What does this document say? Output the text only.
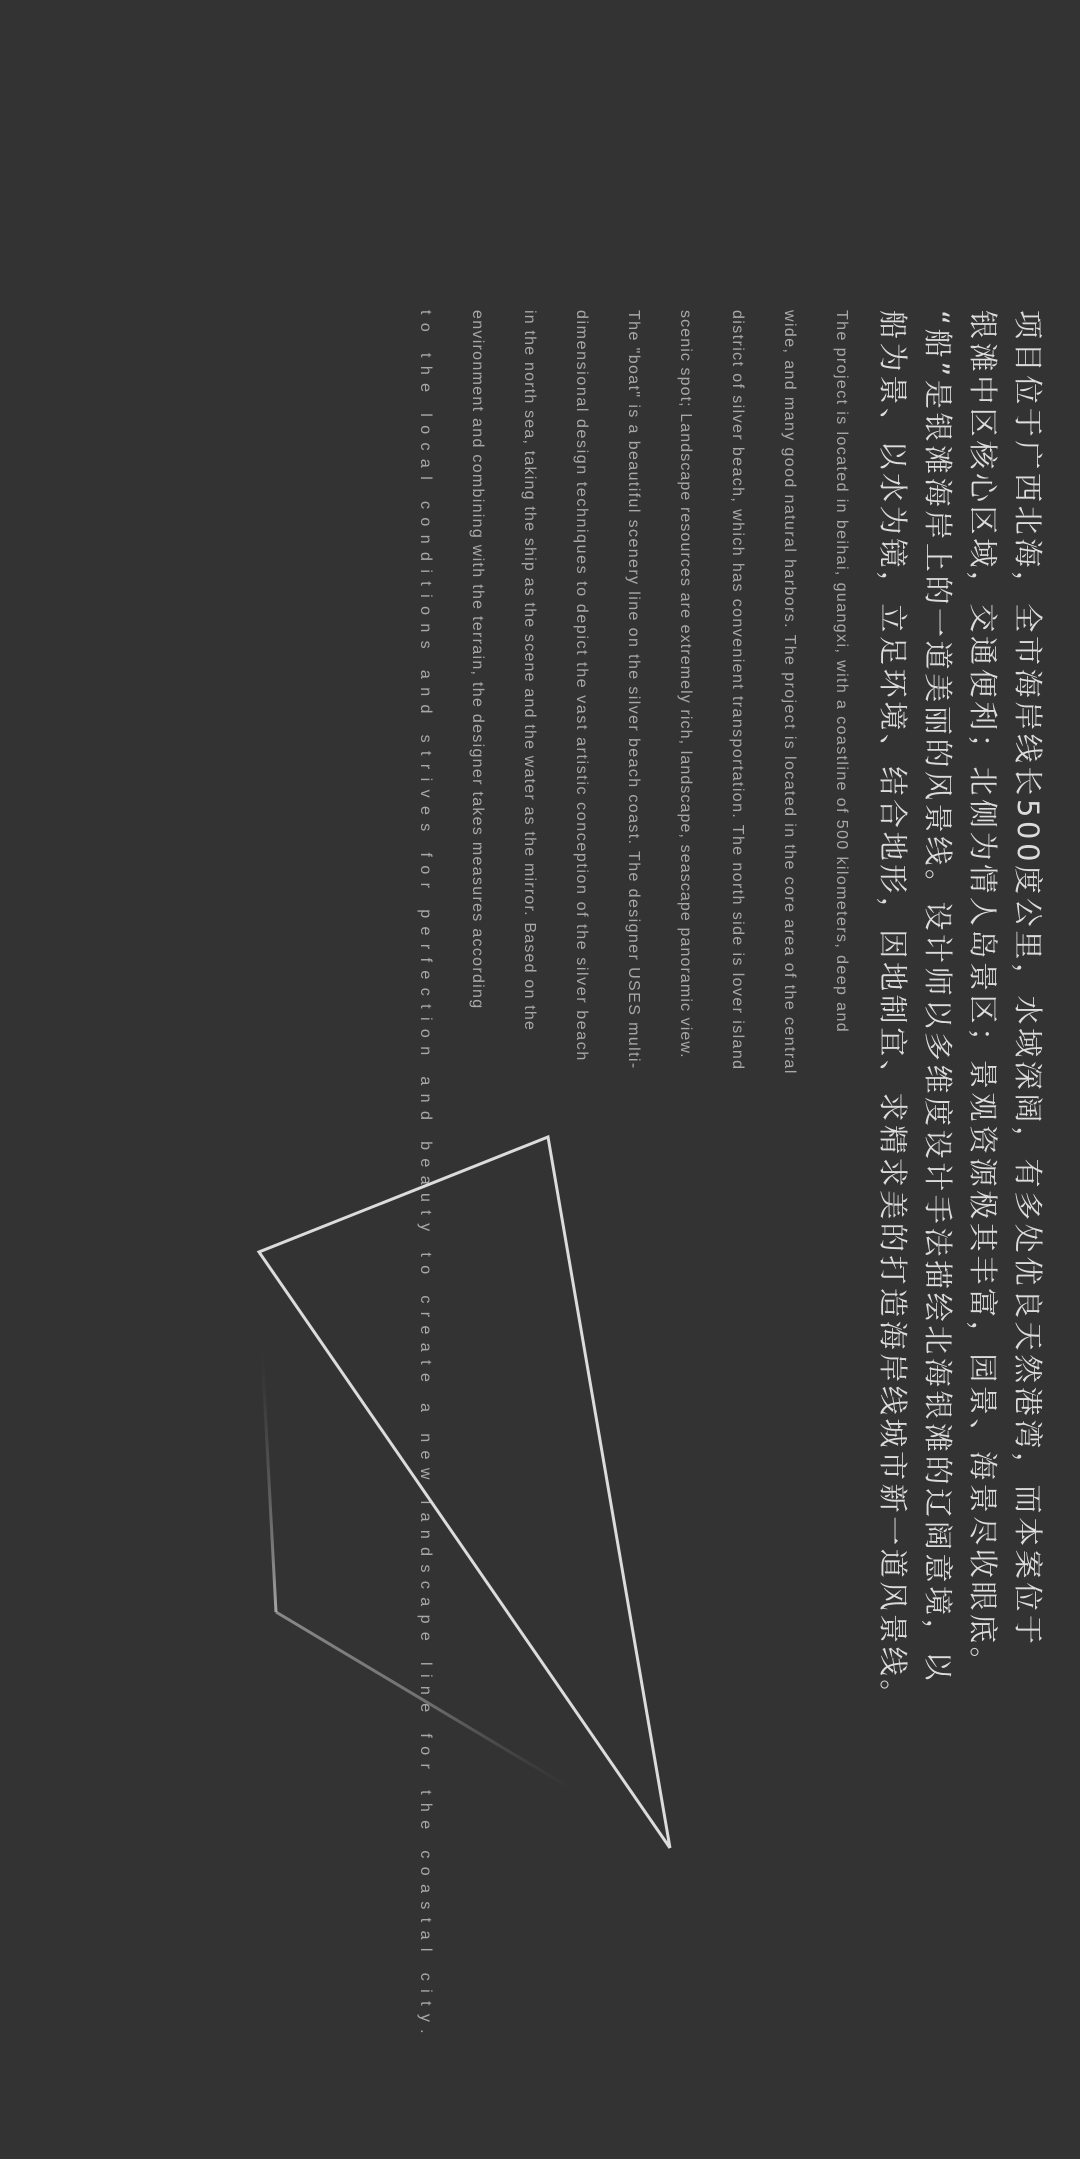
项目位于广西北海，全市海岸线长500度公里，水域深阔，有多处优良天然港湾，而本案位于
银滩中区核心区域，交通便利；北侧为情人岛景区；景观资源极其丰富，园景、海景尽收眼底。
“船”是银滩海岸上的一道美丽的风景线。设计师以多维度设计手法描绘北海银滩的辽阔意境，以
船为景、以水为镜，立足环境、结合地形，因地制宜、求精求美的打造海岸线城市新一道风景线。
The project is located in beihai, guangxi, with a coastline of 500 kilometers, deep and
wide, and many good natural harbors. The project is located in the core area of the central
district of silver beach, which has convenient transportation. The north side is lover island
scenic spot; Landscape resources are extremely rich, landscape, seascape panoramic view.
The "boat" is a beautiful scenery line on the silver beach coast. The designer USES multi-
dimensional design techniques to depict the vast artistic conception of the silver beach
in the north sea, taking the ship as the scene and the water as the mirror. Based on the
environment and combining with the terrain, the designer takes measures according
to the local conditions and strives for perfection and beauty to create a new landscape line for the coastal city.
